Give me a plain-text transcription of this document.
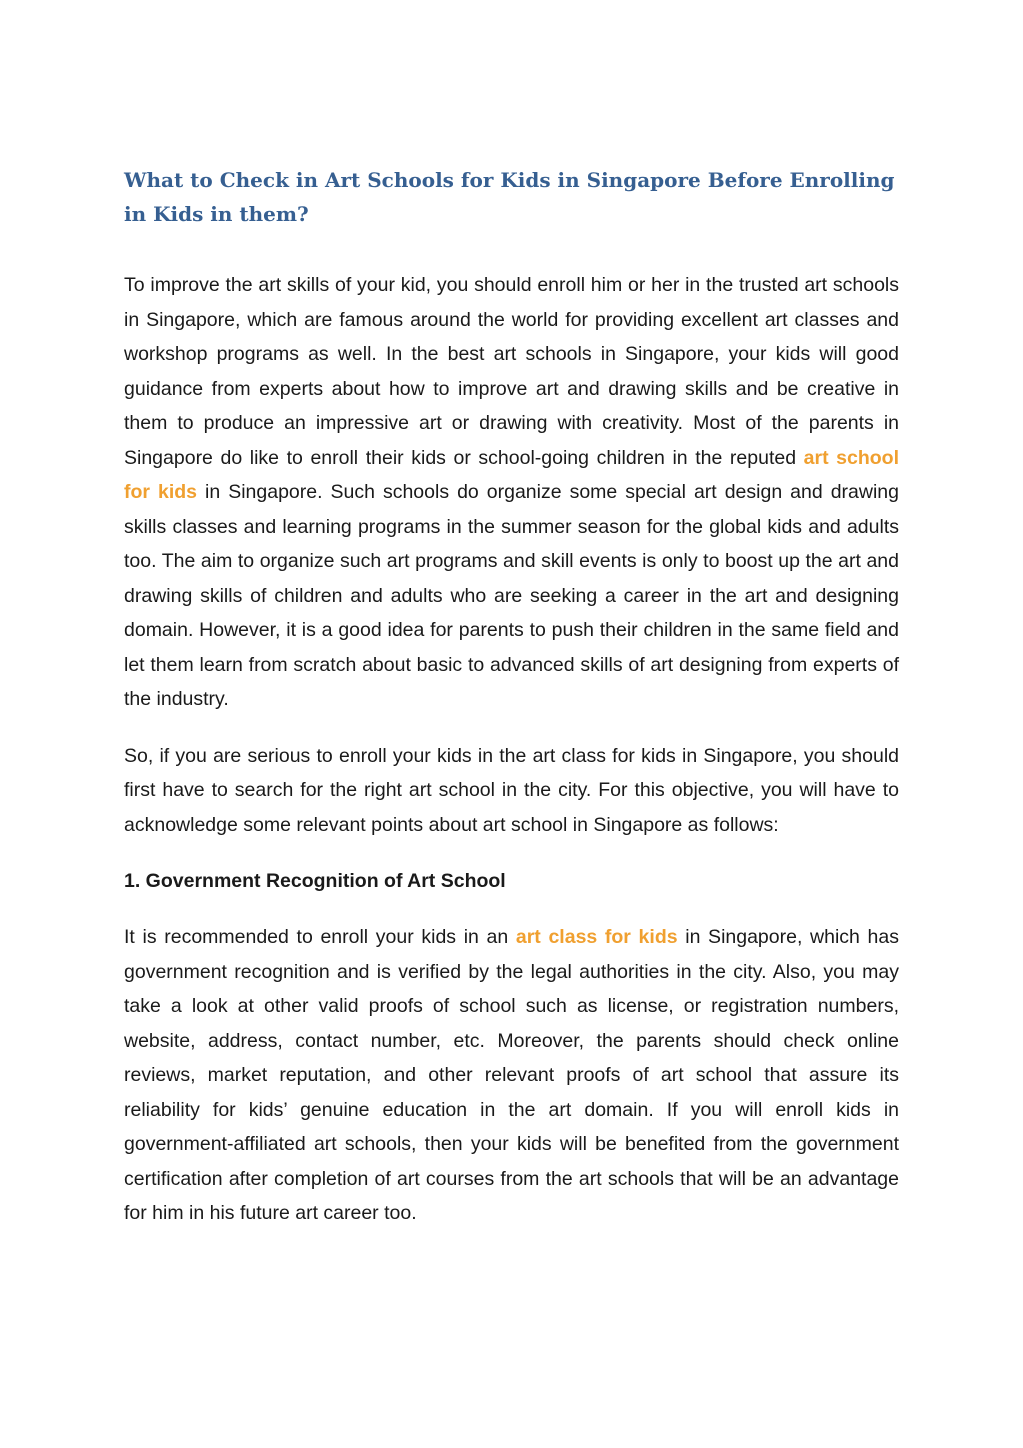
What to Check in Art Schools for Kids in Singapore Before Enrolling in Kids in them?

To improve the art skills of your kid, you should enroll him or her in the trusted art schools in Singapore, which are famous around the world for providing excellent art classes and workshop programs as well. In the best art schools in Singapore, your kids will good guidance from experts about how to improve art and drawing skills and be creative in them to produce an impressive art or drawing with creativity. Most of the parents in Singapore do like to enroll their kids or school-going children in the reputed art school for kids in Singapore. Such schools do organize some special art design and drawing skills classes and learning programs in the summer season for the global kids and adults too. The aim to organize such art programs and skill events is only to boost up the art and drawing skills of children and adults who are seeking a career in the art and designing domain. However, it is a good idea for parents to push their children in the same field and let them learn from scratch about basic to advanced skills of art designing from experts of the industry.

So, if you are serious to enroll your kids in the art class for kids in Singapore, you should first have to search for the right art school in the city. For this objective, you will have to acknowledge some relevant points about art school in Singapore as follows:

1. Government Recognition of Art School

It is recommended to enroll your kids in an art class for kids in Singapore, which has government recognition and is verified by the legal authorities in the city. Also, you may take a look at other valid proofs of school such as license, or registration numbers, website, address, contact number, etc. Moreover, the parents should check online reviews, market reputation, and other relevant proofs of art school that assure its reliability for kids’ genuine education in the art domain. If you will enroll kids in government-affiliated art schools, then your kids will be benefited from the government certification after completion of art courses from the art schools that will be an advantage for him in his future art career too.
